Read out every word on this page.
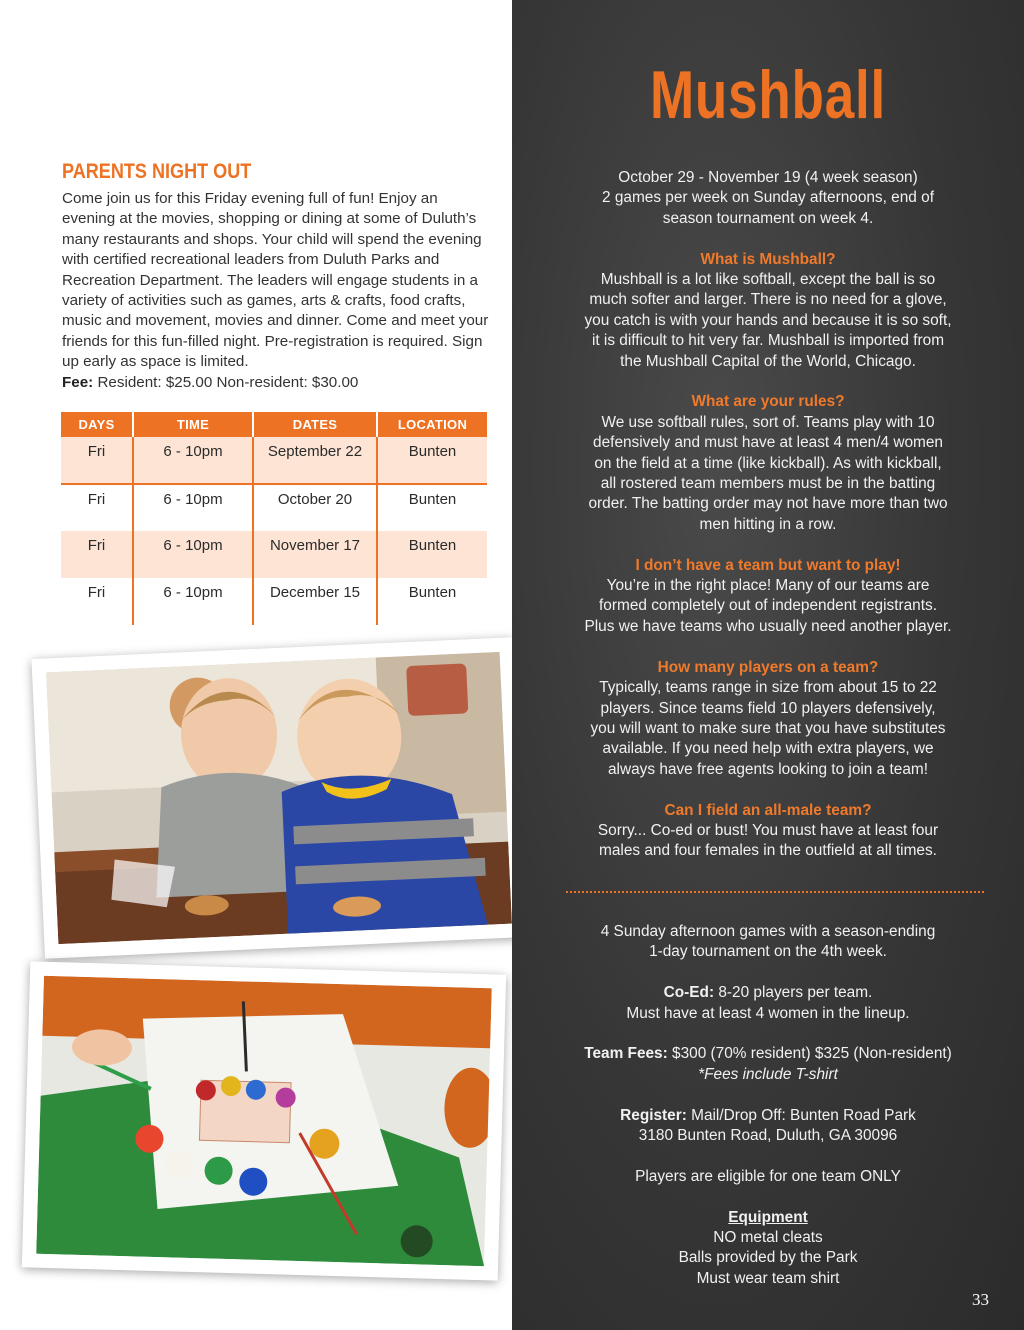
PARENTS NIGHT OUT

Come join us for this Friday evening full of fun! Enjoy an evening at the movies, shopping or dining at some of Duluth’s many restaurants and shops. Your child will spend the evening with certified recreational leaders from Duluth Parks and Recreation Department. The leaders will engage students in a variety of activities such as games, arts & crafts, food crafts, music and movement, movies and dinner. Come and meet your friends for this fun-filled night. Pre-registration is required. Sign up early as space is limited.

Fee: Resident: $25.00 Non-resident: $30.00

DAYS	TIME	DATES	LOCATION
Fri	6 - 10pm	September 22	Bunten
Fri	6 - 10pm	October 20	Bunten
Fri	6 - 10pm	November 17	Bunten
Fri	6 - 10pm	December 15	Bunten
Mushball
October 29 - November 19 (4 week season)
2 games per week on Sunday afternoons, end of
season tournament on week 4.
What is Mushball?
Mushball is a lot like softball, except the ball is so
much softer and larger. There is no need for a glove,
you catch is with your hands and because it is so soft,
it is difficult to hit very far. Mushball is imported from
the Mushball Capital of the World, Chicago.
What are your rules?
We use softball rules, sort of. Teams play with 10
defensively and must have at least 4 men/4 women
on the field at a time (like kickball). As with kickball,
all rostered team members must be in the batting
order. The batting order may not have more than two
men hitting in a row.
I don’t have a team but want to play!
You’re in the right place! Many of our teams are
formed completely out of independent registrants.
Plus we have teams who usually need another player.
How many players on a team?
Typically, teams range in size from about 15 to 22
players. Since teams field 10 players defensively,
you will want to make sure that you have substitutes
available. If you need help with extra players, we
always have free agents looking to join a team!
Can I field an all-male team?
Sorry... Co-ed or bust! You must have at least four
males and four females in the outfield at all times.
4 Sunday afternoon games with a season-ending
1-day tournament on the 4th week.
Co-Ed: 8-20 players per team.
Must have at least 4 women in the lineup.
Team Fees: $300 (70% resident) $325 (Non-resident)
*Fees include T-shirt
Register: Mail/Drop Off: Bunten Road Park
3180 Bunten Road, Duluth, GA 30096
Players are eligible for one team ONLY
Equipment
NO metal cleats
Balls provided by the Park
Must wear team shirt
33
